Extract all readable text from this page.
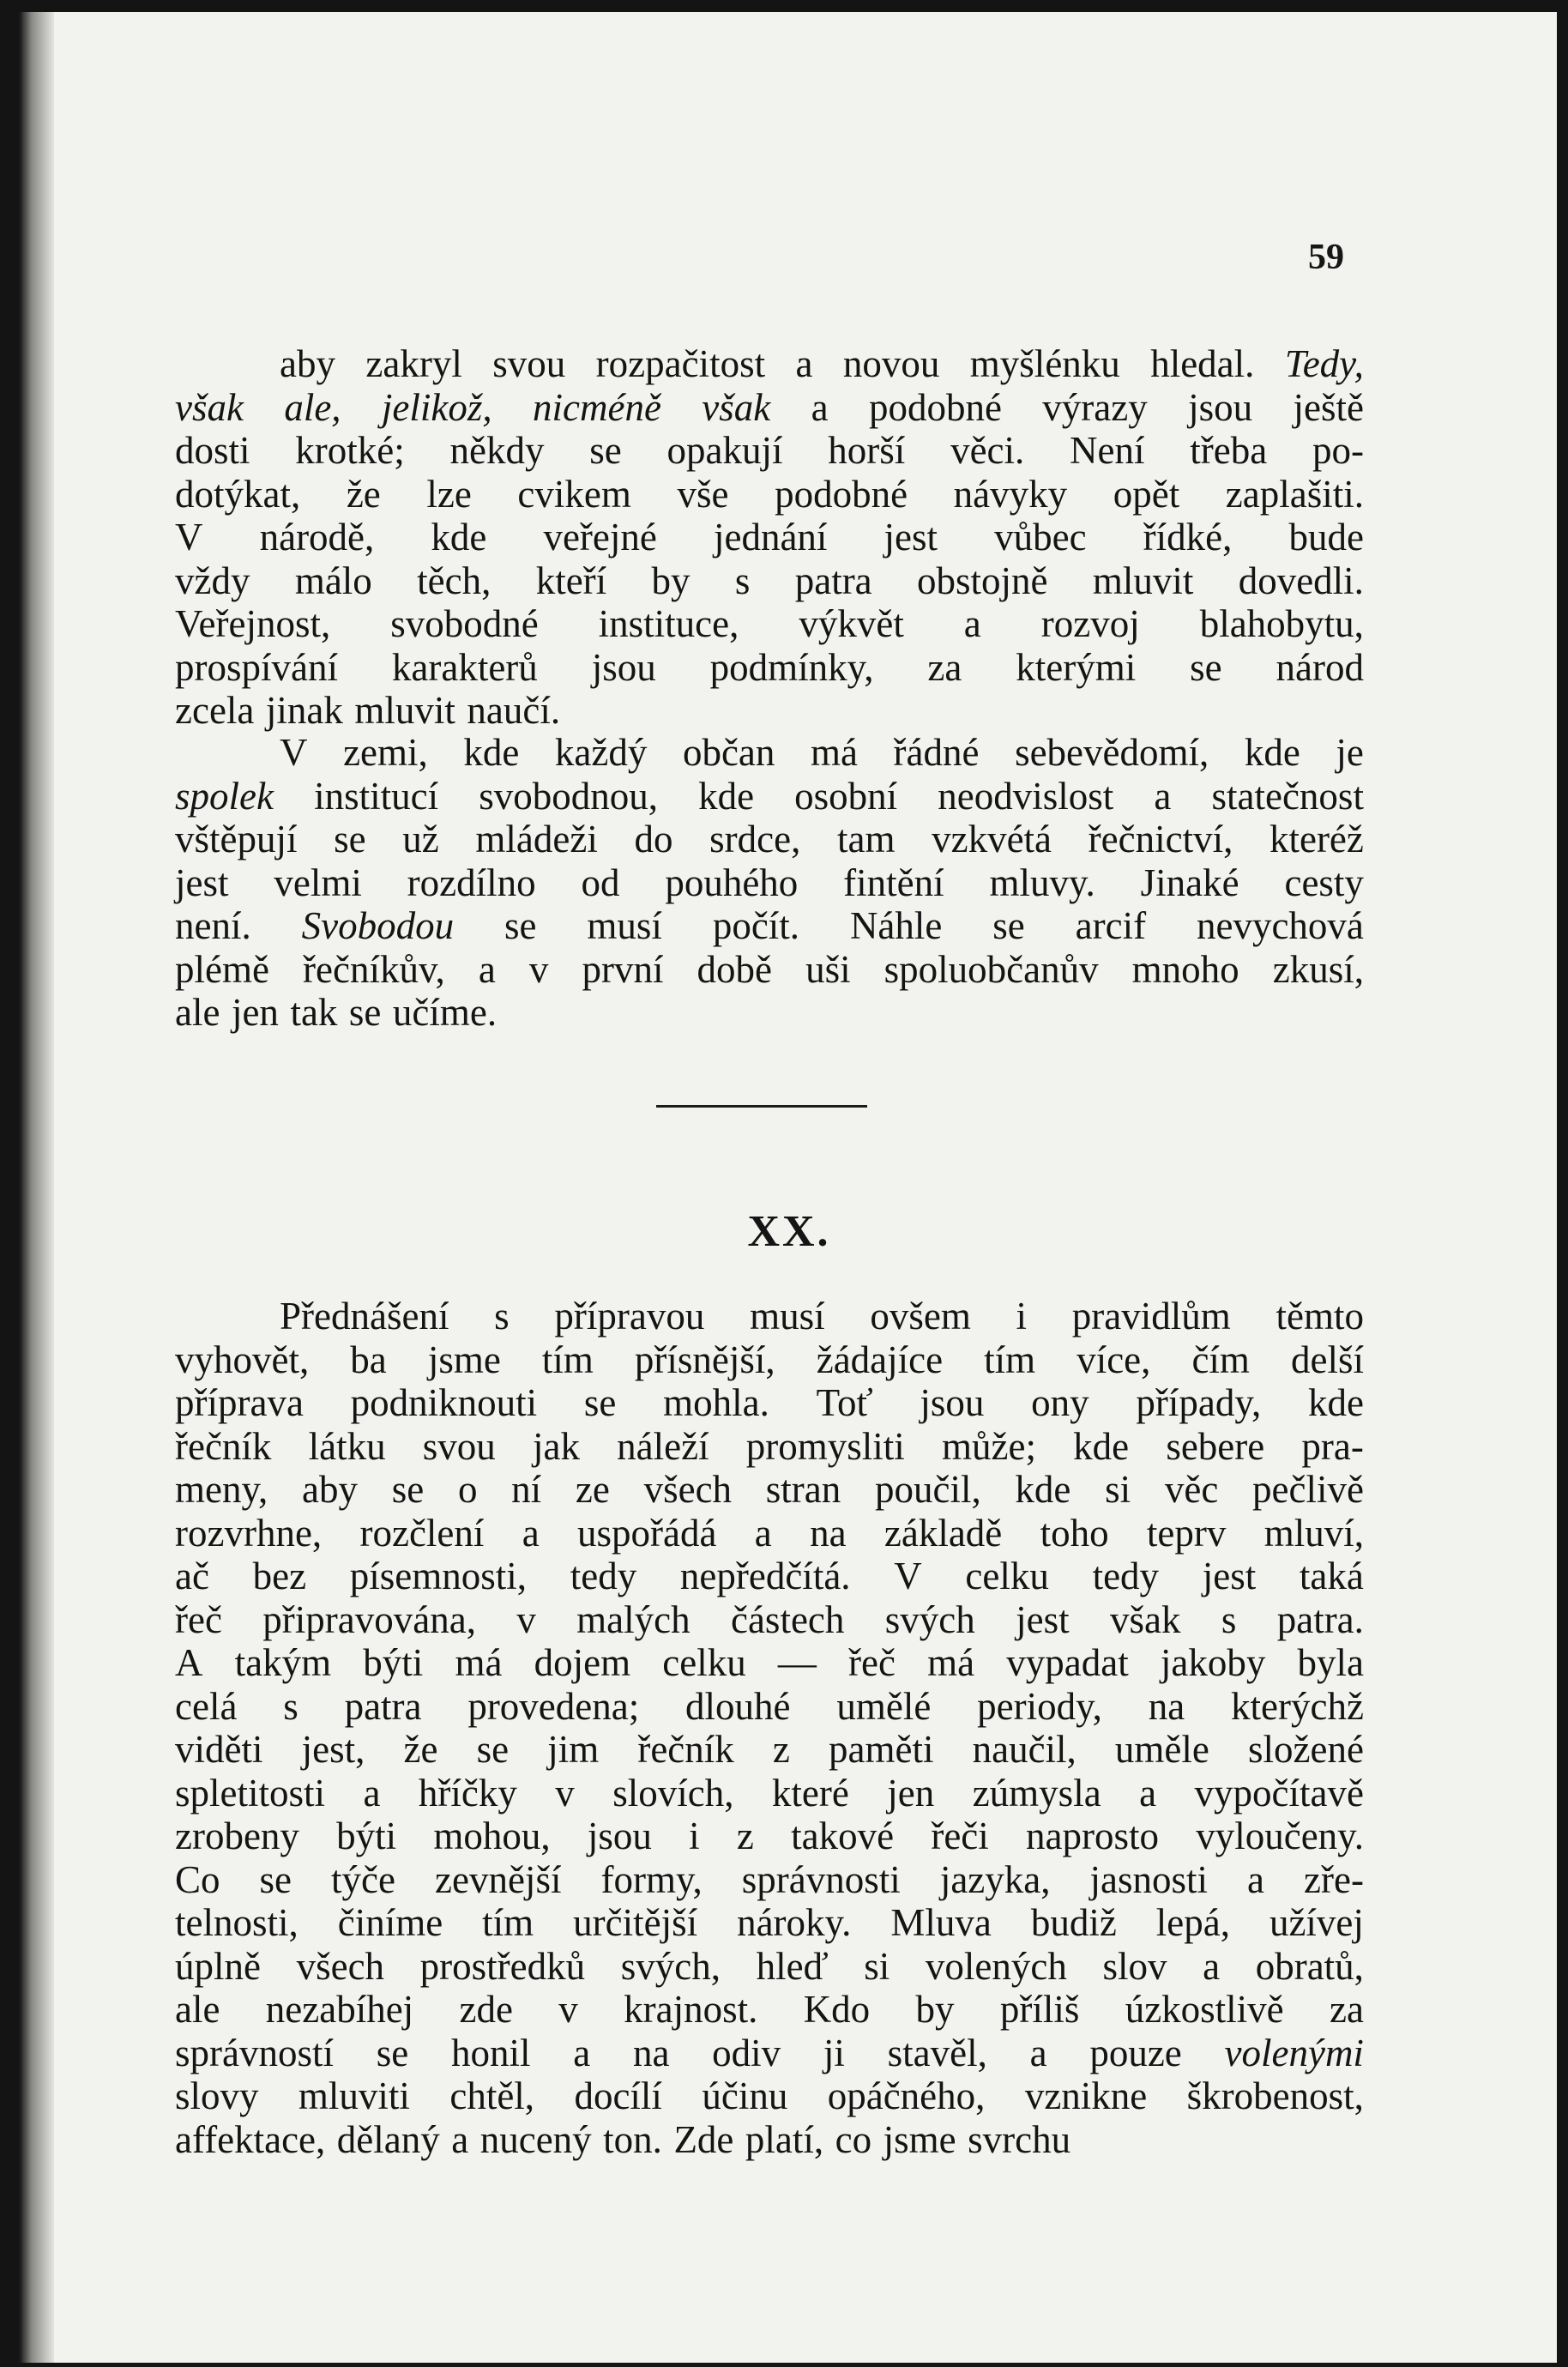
59
aby zakryl svou rozpačitost a novou myšlénku hledal. Tedy,
však ale, jelikož, nicméně však a podobné výrazy jsou ještě
dosti krotké; někdy se opakují horší věci. Není třeba po-
dotýkat, že lze cvikem vše podobné návyky opět zaplašiti.
V národě, kde veřejné jednání jest vůbec řídké, bude
vždy málo těch, kteří by s patra obstojně mluvit dovedli.
Veřejnost, svobodné instituce, výkvět a rozvoj blahobytu,
prospívání karakterů jsou podmínky, za kterými se národ
zcela jinak mluvit naučí.
V zemi, kde každý občan má řádné sebevědomí, kde je
spolek institucí svobodnou, kde osobní neodvislost a statečnost
vštěpují se už mládeži do srdce, tam vzkvétá řečnictví, kteréž
jest velmi rozdílno od pouhého fintění mluvy. Jinaké cesty
není. Svobodou se musí počít. Náhle se arcif nevychová
plémě řečníkův, a v první době uši spoluobčanův mnoho zkusí,
ale jen tak se učíme.
XX.
Přednášení s přípravou musí ovšem i pravidlům těmto
vyhovět, ba jsme tím přísnější, žádajíce tím více, čím delší
příprava podniknouti se mohla. Toť jsou ony případy, kde
řečník látku svou jak náleží promysliti může; kde sebere pra-
meny, aby se o ní ze všech stran poučil, kde si věc pečlivě
rozvrhne, rozčlení a uspořádá a na základě toho teprv mluví,
ač bez písemnosti, tedy nepředčítá. V celku tedy jest taká
řeč připravována, v malých částech svých jest však s patra.
A takým býti má dojem celku — řeč má vypadat jakoby byla
celá s patra provedena; dlouhé umělé periody, na kterýchž
viděti jest, že se jim řečník z paměti naučil, uměle složené
spletitosti a hříčky v slovích, které jen zúmysla a vypočítavě
zrobeny býti mohou, jsou i z takové řeči naprosto vyloučeny.
Co se týče zevnější formy, správnosti jazyka, jasnosti a zře-
telnosti, činíme tím určitější nároky. Mluva budiž lepá, užívej
úplně všech prostředků svých, hleď si volených slov a obratů,
ale nezabíhej zde v krajnost. Kdo by příliš úzkostlivě za
správností se honil a na odiv ji stavěl, a pouze volenými
slovy mluviti chtěl, docílí účinu opáčného, vznikne škrobenost,
affektace, dělaný a nucený ton. Zde platí, co jsme svrchu
